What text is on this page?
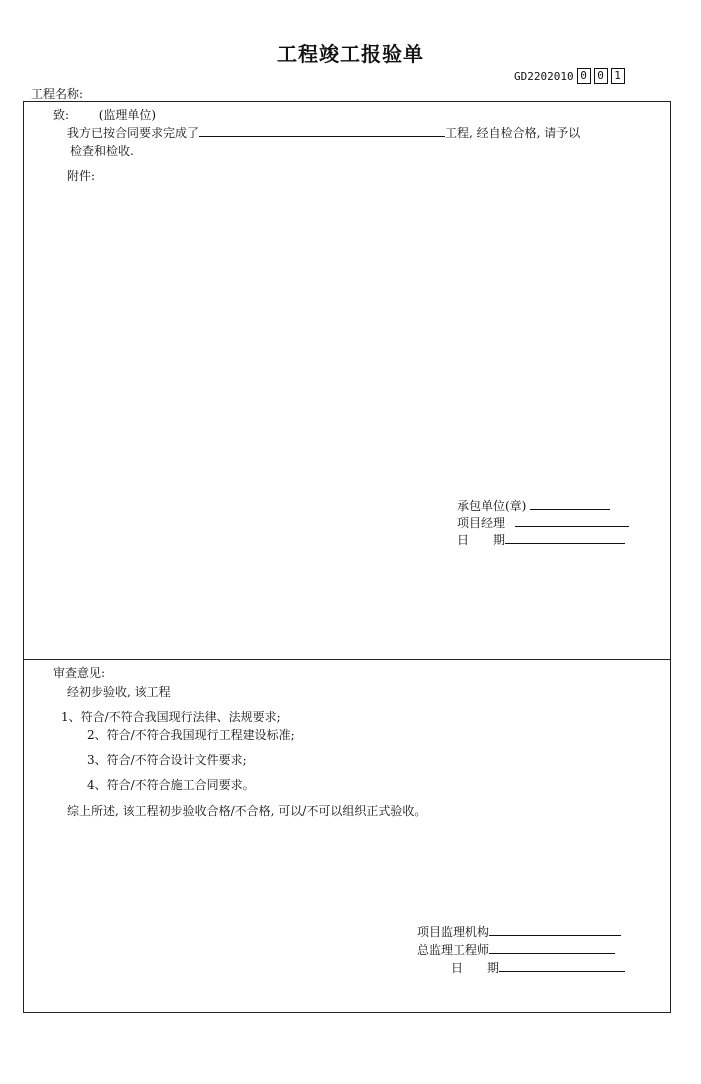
工程竣工报验单
GD2202010 0 0 1
工程名称:
致: (监理单位)
我方已按合同要求完成了	工程, 经自检合格, 请予以
检查和检收.
附件:
承包单位(章)
项目经理
日　　期
审查意见:
经初步验收, 该工程
1、符合/不符合我国现行法律、法规要求;
2、符合/不符合我国现行工程建设标准;
3、符合/不符合设计文件要求;
4、符合/不符合施工合同要求。
综上所述, 该工程初步验收合格/不合格, 可以/不可以组织正式验收。
项目监理机构
总监理工程师
日　　期
